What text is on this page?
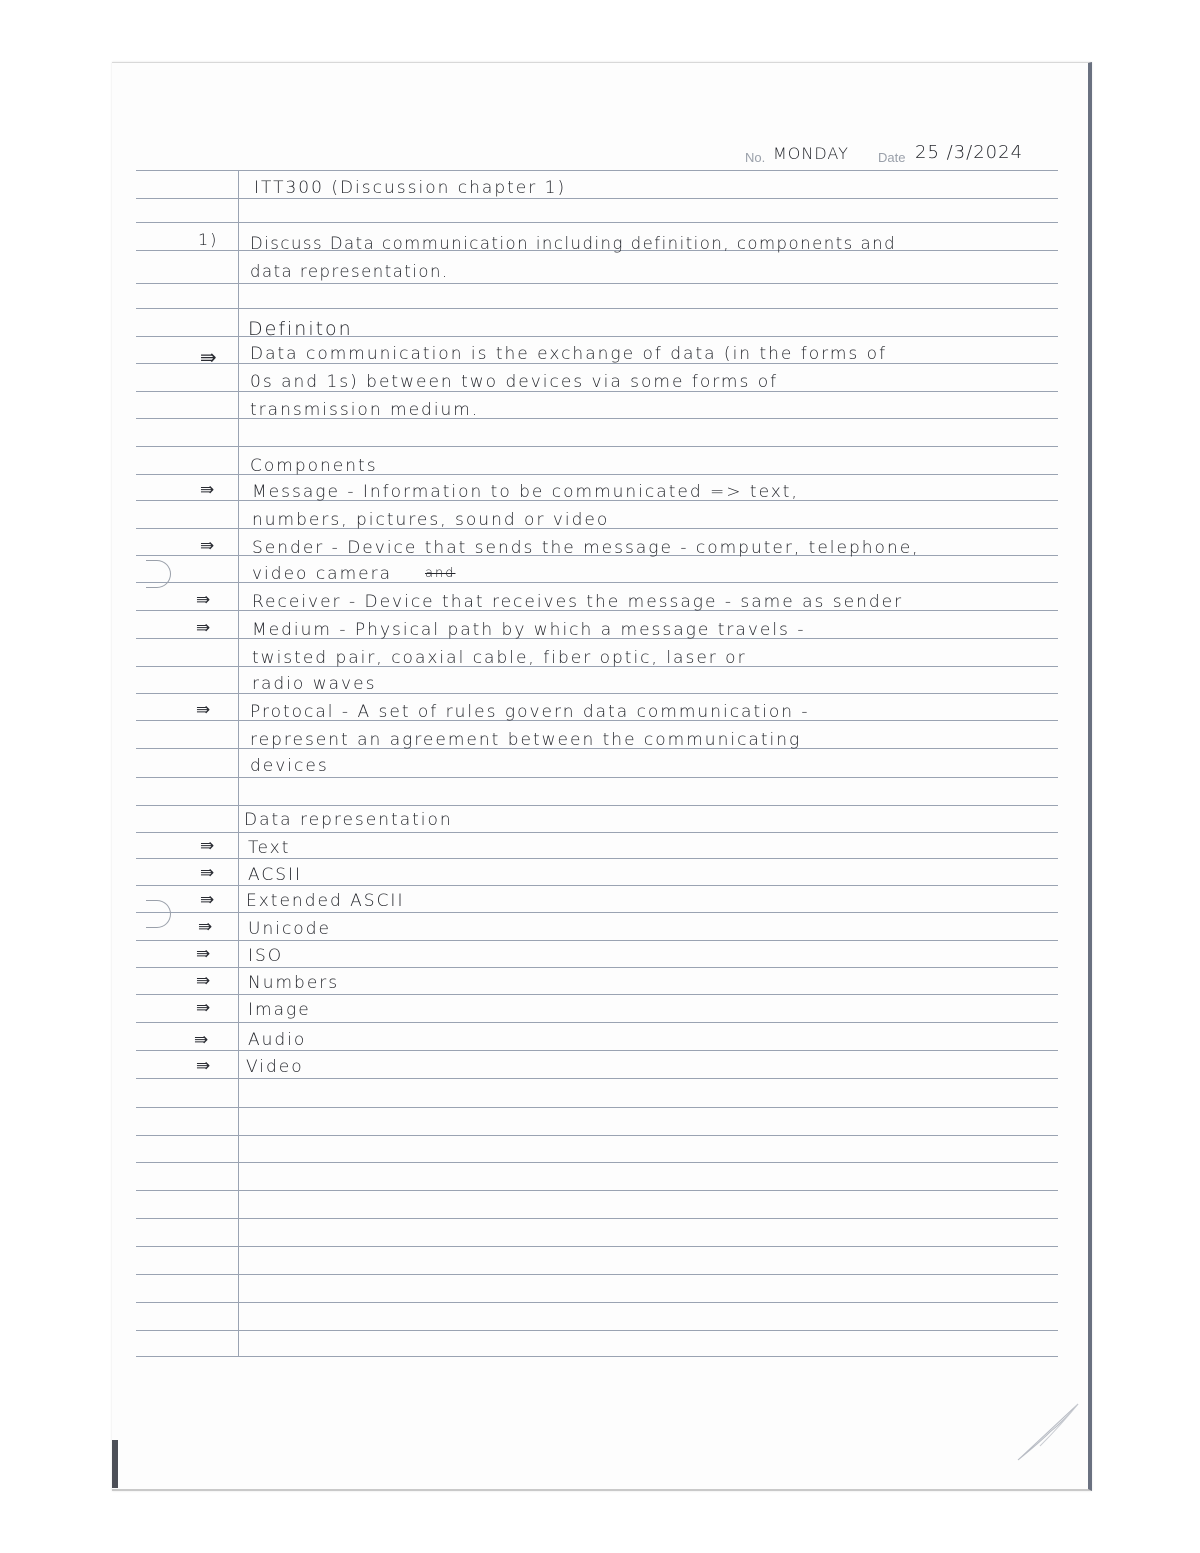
No. MONDAY Date 25 /3/2024
ITT300 (Discussion chapter 1)
1) Discuss Data communication including definition, components and
data representation.
Definiton
⇛ Data communication is the exchange of data (in the forms of
0s and 1s) between two devices via some forms of
transmission medium.
Components
⇛ Message - Information to be communicated => text,
numbers, pictures, sound or video
⇛ Sender - Device that sends the message - computer, telephone,
video camera	and
⇛ Receiver - Device that receives the message - same as sender
⇛ Medium - Physical path by which a message travels -
twisted pair, coaxial cable, fiber optic, laser or
radio waves
⇛ Protocal - A set of rules govern data communication -
represent an agreement between the communicating
devices
Data representation
⇛ Text
⇛ ACSII
⇛ Extended ASCII
⇛ Unicode
⇛ ISO
⇛ Numbers
⇛ Image
⇛ Audio
⇛ Video
